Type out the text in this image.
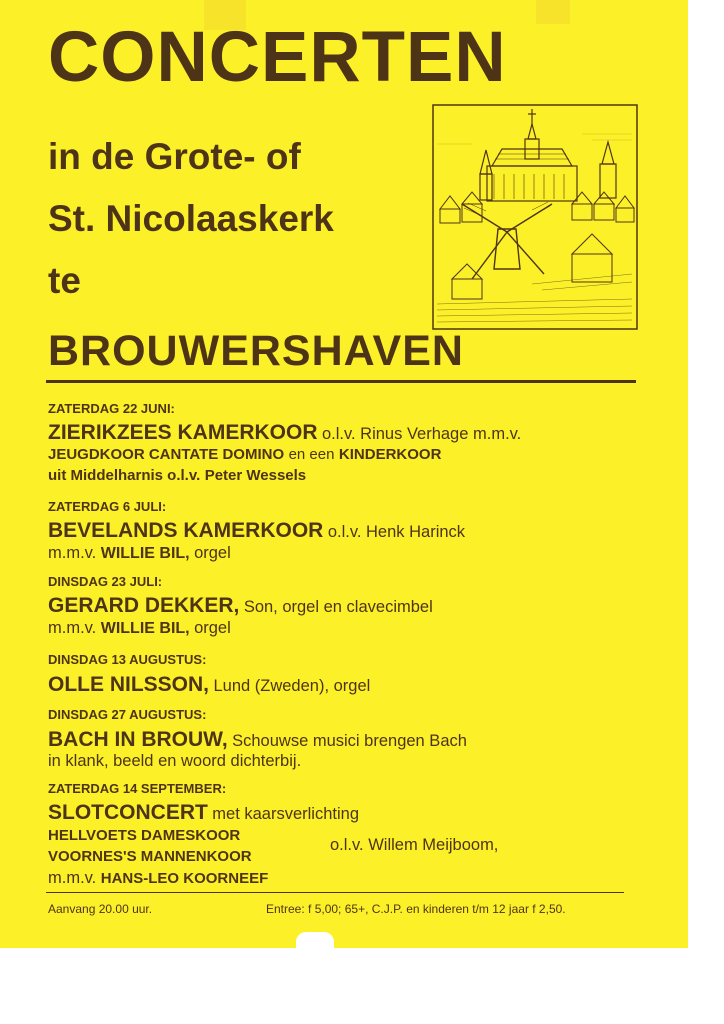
CONCERTEN
in de Grote- of
St. Nicolaaskerk
te
BROUWERSHAVEN
ZATERDAG 22 JUNI:
ZIERIKZEES KAMERKOOR o.l.v. Rinus Verhage m.m.v.
JEUGDKOOR CANTATE DOMINO en een KINDERKOOR
uit Middelharnis o.l.v. Peter Wessels
ZATERDAG 6 JULI:
BEVELANDS KAMERKOOR o.l.v. Henk Harinck
m.m.v. WILLIE BIL, orgel
DINSDAG 23 JULI:
GERARD DEKKER, Son, orgel en clavecimbel
m.m.v. WILLIE BIL, orgel
DINSDAG 13 AUGUSTUS:
OLLE NILSSON, Lund (Zweden), orgel
DINSDAG 27 AUGUSTUS:
BACH IN BROUW, Schouwse musici brengen Bach
in klank, beeld en woord dichterbij.
ZATERDAG 14 SEPTEMBER:
SLOTCONCERT met kaarsverlichting
HELLVOETS DAMESKOOR
VOORNES'S MANNENKOOR
o.l.v. Willem Meijboom,
m.m.v. HANS-LEO KOORNEEF
Aanvang 20.00 uur.	Entree: f 5,00; 65+, C.J.P. en kinderen t/m 12 jaar f 2,50.
